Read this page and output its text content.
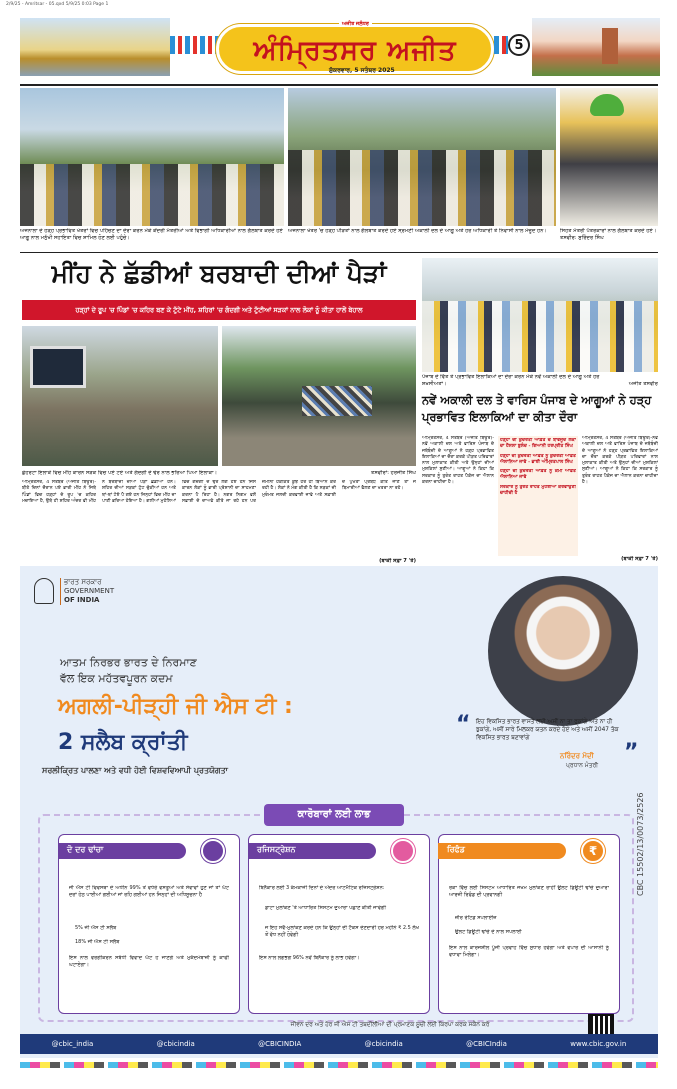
2/9/25 - Amritsar - 05.qxd 5/9/25 0:03 Page 1
ਅਜੀਤ ਜਲੰਧਰ
ਅੰਮ੍ਰਿਤਸਰ ਅਜੀਤ
ਸ਼ੁੱਕਰਵਾਰ, 5 ਸਤੰਬਰ 2025
5
ਅਜਨਾਲਾ ਦੇ ਹੜ੍ਹ ਪ੍ਰਭਾਵਿਤ ਖੇਤਰਾਂ ਵਿਚ ਪਹਿੰਚਣ ਦਾ ਦੌਰਾ ਕਰਨ ਮੌਕੇ ਕੇਂਦਰੀ ਮੰਤਰੀਆਂ ਅਤੇ ਵਿਭਾਗੀ ਅਧਿਕਾਰੀਆਂ ਨਾਲ ਗੱਲਬਾਤ ਕਰਦੇ ਹੋਏ ਆਗੂ ਨਾਲ ਮਨੁੱਖੀ ਸਹਾਇਤਾ ਵਿਚ ਸ਼ਾਮਿਲ ਹੋਣ ਲਈ ਪਹੁੰਚੇ।
ਅਜਨਾਲਾ ਖੇਤਰ 'ਚ ਹੜ੍ਹ ਪੀੜਤਾਂ ਨਾਲ ਗੱਲਬਾਤ ਕਰਦੇ ਹੋਏ ਸ੍ਰੋਮਣੀ ਅਕਾਲੀ ਦਲ ਦੇ ਆਗੂ ਅਤੇ ਹੋਰ ਅਧਿਕਾਰੀ ਤੇ ਨਿਵਾਸੀ ਨਾਲ ਮੌਜੂਦ ਹਨ।	ਸਿਹਤ ਮੰਤਰੀ ਪੱਤਰਕਾਰਾਂ ਨਾਲ ਗੱਲਬਾਤ ਕਰਦੇ ਹੋਏ। ਤਸਵੀਰ: ਸੁਰਿੰਦਰ ਸਿੰਘ
ਮੀਂਹ ਨੇ ਛੱਡੀਆਂ ਬਰਬਾਦੀ ਦੀਆਂ ਪੈੜਾਂ
ਹੜ੍ਹਾਂ ਦੇ ਰੂਪ 'ਚ ਪਿੰਡਾਂ 'ਚ ਕਹਿਰ ਬਣ ਕੇ ਟੁੱਟੇ ਮੀਂਹ, ਸ਼ਹਿਰਾਂ 'ਚ ਗੰਦਗੀ ਅਤੇ ਟੁੱਟੀਆਂ ਸੜਕਾਂ ਨਾਲ ਲੋਕਾਂ ਨੂੰ ਕੀਤਾ ਹਾਲੋਂ ਬੇਹਾਲ
ਛੇਹਰਟਾ ਇਲਾਕੇ ਵਿਚ ਮੀਂਹ ਕਾਰਨ ਸੜਕ ਵਿਚ ਪਏ ਟੋਏ ਅਤੇ ਗੰਦਗੀ ਦੇ ਢੇਰ ਨਾਲ ਭਰਿਆ ਪਿਆ ਇਲਾਕਾ।	ਤਸਵੀਰਾਂ: ਹਰਜੀਤ ਸਿੰਘ
ਅੰਮ੍ਰਿਤਸਰ, 4 ਸਤੰਬਰ (ਅਜੀਤ ਬਿਊਰੋ)-ਬੀਤੇ ਦਿਨਾਂ ਦੌਰਾਨ ਪਏ ਭਾਰੀ ਮੀਂਹ ਨੇ ਜਿਥੇ ਪਿੰਡਾਂ ਵਿਚ ਹੜ੍ਹਾਂ ਦੇ ਰੂਪ 'ਚ ਕਹਿਰ ਮਚਾਇਆ ਹੈ, ਉਥੇ ਹੀ ਸ਼ਹਿਰ ਅੰਦਰ ਵੀ ਮੀਂਹ ਨੇ ਬਰਬਾਦੀ ਦੀਆਂ ਪੈੜਾਂ ਛੱਡੀਆਂ ਹਨ। ਸ਼ਹਿਰ ਦੀਆਂ ਸੜਕਾਂ ਟੁੱਟ ਚੁੱਕੀਆਂ ਹਨ ਅਤੇ ਥਾਂ-ਥਾਂ ਟੋਏ ਪੈ ਗਏ ਹਨ ਜਿਨ੍ਹਾਂ ਵਿਚ ਮੀਂਹ ਦਾ ਪਾਣੀ ਭਰਿਆ ਹੋਇਆ ਹੈ। ਗਲੀਆਂ ਮੁਹੱਲਿਆਂ ਵਿਚ ਗੰਦਗੀ ਦੇ ਢੇਰ ਲੱਗੇ ਹੋਏ ਹਨ ਜਿਸ ਕਾਰਨ ਲੋਕਾਂ ਨੂੰ ਭਾਰੀ ਪ੍ਰੇਸ਼ਾਨੀ ਦਾ ਸਾਹਮਣਾ ਕਰਨਾ ਪੈ ਰਿਹਾ ਹੈ। ਨਗਰ ਨਿਗਮ ਵਲੋਂ ਸਫ਼ਾਈ ਦੇ ਦਾਅਵੇ ਕੀਤੇ ਜਾ ਰਹੇ ਹਨ ਪਰ ਜ਼ਮੀਨੀ ਹਕੀਕਤ ਕੁਝ ਹੋਰ ਹੀ ਬਿਆਨ ਕਰ ਰਹੀ ਹੈ। ਲੋਕਾਂ ਨੇ ਮੰਗ ਕੀਤੀ ਹੈ ਕਿ ਸੜਕਾਂ ਦੀ ਮੁਰੰਮਤ ਜਲਦੀ ਕਰਵਾਈ ਜਾਵੇ ਅਤੇ ਸਫ਼ਾਈ ਦੇ ਪੁਖਤਾ ਪ੍ਰਬੰਧ ਕੀਤੇ ਜਾਣ ਤਾਂ ਜੋ ਬਿਮਾਰੀਆਂ ਫੈਲਣ ਦਾ ਖਤਰਾ ਨਾ ਰਹੇ।
(ਬਾਕੀ ਸਫ਼ਾ 7 'ਤੇ)
ਪੰਜਾਬ ਦੇ ਵਿੱਤ ਤੇ ਪ੍ਰਭਾਵਿਤ ਇਲਾਕਿਆਂ ਦਾ ਦੌਰਾ ਕਰਨ ਮੌਕੇ ਨਵੇਂ ਅਕਾਲੀ ਦਲ ਦੇ ਆਗੂ ਅਤੇ ਹੋਰ ਸ਼ਖ਼ਸੀਅਤਾਂ।	ਅਜੀਤ ਤਸਵੀਰ
ਨਵੇਂ ਅਕਾਲੀ ਦਲ ਤੇ ਵਾਰਿਸ ਪੰਜਾਬ ਦੇ ਆਗੂਆਂ ਨੇ ਹੜ੍ਹ ਪ੍ਰਭਾਵਿਤ ਇਲਾਕਿਆਂ ਦਾ ਕੀਤਾ ਦੌਰਾ
ਅੰਮ੍ਰਿਤਸਰ, 4 ਸਤੰਬਰ (ਅਜੀਤ ਬਿਊਰੋ)-ਨਵੇਂ ਅਕਾਲੀ ਦਲ ਅਤੇ ਵਾਰਿਸ ਪੰਜਾਬ ਦੇ ਜਥੇਬੰਦੀ ਦੇ ਆਗੂਆਂ ਨੇ ਹੜ੍ਹ ਪ੍ਰਭਾਵਿਤ ਇਲਾਕਿਆਂ ਦਾ ਦੌਰਾ ਕਰਕੇ ਪੀੜਤ ਪਰਿਵਾਰਾਂ ਨਾਲ ਮੁਲਾਕਾਤ ਕੀਤੀ ਅਤੇ ਉਨ੍ਹਾਂ ਦੀਆਂ ਮੁਸ਼ਕਿਲਾਂ ਸੁਣੀਆਂ। ਆਗੂਆਂ ਨੇ ਕਿਹਾ ਕਿ ਸਰਕਾਰ ਨੂੰ ਤੁਰੰਤ ਰਾਹਤ ਪੈਕੇਜ ਦਾ ਐਲਾਨ ਕਰਨਾ ਚਾਹੀਦਾ ਹੈ।
ਹੜ੍ਹਾਂ ਦੀ ਕੁਦਰਤੀ ਆਫ਼ਤ ਦੇ ਬਾਵਜੂਦ ਲੋਕਾਂ ਦਾ ਹੌਸਲਾ ਬੁਲੰਦ - ਗਿਆਨੀ ਹਰਪ੍ਰੀਤ ਸਿੰਘ
ਹੜ੍ਹਾਂ ਦੀ ਕੁਦਰਤੀ ਆਫ਼ਤ ਨੂੰ ਕੁਦਰਤੀ ਆਫ਼ਤ ਐਲਾਨਿਆ ਜਾਵੇ - ਭਾਈ ਅੰਮ੍ਰਿਤਪਾਲ ਸਿੰਘ
ਹੜ੍ਹਾਂ ਦੀ ਕੁਦਰਤੀ ਆਫ਼ਤ ਨੂੰ ਕੌਮੀ ਆਫ਼ਤ ਐਲਾਨਿਆ ਜਾਵੇ
ਸਰਕਾਰ ਨੂੰ ਤੁਰੰਤ ਰਾਹਤ ਮੁਹੱਈਆ ਕਰਵਾਉਣੀ ਚਾਹੀਦੀ ਹੈ
ਅੰਮ੍ਰਿਤਸਰ, 4 ਸਤੰਬਰ (ਅਜੀਤ ਬਿਊਰੋ)-ਨਵੇਂ ਅਕਾਲੀ ਦਲ ਅਤੇ ਵਾਰਿਸ ਪੰਜਾਬ ਦੇ ਜਥੇਬੰਦੀ ਦੇ ਆਗੂਆਂ ਨੇ ਹੜ੍ਹ ਪ੍ਰਭਾਵਿਤ ਇਲਾਕਿਆਂ ਦਾ ਦੌਰਾ ਕਰਕੇ ਪੀੜਤ ਪਰਿਵਾਰਾਂ ਨਾਲ ਮੁਲਾਕਾਤ ਕੀਤੀ ਅਤੇ ਉਨ੍ਹਾਂ ਦੀਆਂ ਮੁਸ਼ਕਿਲਾਂ ਸੁਣੀਆਂ। ਆਗੂਆਂ ਨੇ ਕਿਹਾ ਕਿ ਸਰਕਾਰ ਨੂੰ ਤੁਰੰਤ ਰਾਹਤ ਪੈਕੇਜ ਦਾ ਐਲਾਨ ਕਰਨਾ ਚਾਹੀਦਾ ਹੈ।
(ਬਾਕੀ ਸਫ਼ਾ 7 'ਤੇ)
ਭਾਰਤ ਸਰਕਾਰ
GOVERNMENT
OF INDIA
ਆਤਮ ਨਿਰਭਰ ਭਾਰਤ ਦੇ ਨਿਰਮਾਣ
ਵੱਲ ਇਕ ਮਹੱਤਵਪੂਰਨ ਕਦਮ
ਅਗਲੀ-ਪੀੜ੍ਹੀ ਜੀ ਐਸ ਟੀ :
2 ਸਲੈਬ ਕ੍ਰਾਂਤੀ
ਸਰਲੀਕ੍ਰਿਤ ਪਾਲਣਾ ਅਤੇ ਵਧੀ ਹੋਈ ਵਿਸ਼ਵਵਿਆਪੀ ਪ੍ਰਤਯੋਗਤਾ
“ ਇਹ ਵਿਕਸਿਤ ਭਾਰਤ ਵਾਸਤੇ ਲਈ ਅਸੀਂ ਨਾ ਤਾ ਰੁਕਾਂਗੇ ਅਤੇ ਨਾ ਹੀ ਝੁਕਾਂਗੇ, ਅਸੀਂ ਸਾਰੇ ਮਿਲਕਰ ਯਤਨ ਕਰਦੇ ਹੋਏ ਅਤੇ ਅਸੀਂ 2047 ਤੱਕ ਵਿਕਸਿਤ ਭਾਰਤ ਬਣਾਵਾਂਗੇ
”
ਨਰਿੰਦਰ ਮੋਦੀ
ਪ੍ਰਧਾਨ ਮੰਤਰੀ
ਕਾਰੋਬਾਰਾਂ ਲਈ ਲਾਭ
ਦੋ ਦਰ ਢਾਂਚਾ
ਜੀ ਐਸ ਟੀ ਵਿਵਸਥਾ ਦੇ ਅਧੀਨ 99% ਤੋਂ ਵਧੇਰੇ ਵਸਤੂਆਂ ਅਤੇ ਸੇਵਾਵਾਂ ਹੁਣ ਜਾਂ ਤਾਂ ਘੱਟ ਦਰਾਂ ਹੇਠ ਪਾਈਆਂ ਗਈਆਂ ਜਾਂ ਰਹਿ ਗਈਆਂ ਹਨ ਜਿਨ੍ਹਾਂ ਦੀ ਅਧਿਸੂਚਨਾ ਹੈ
5% ਜੀ ਐਸ ਟੀ ਸਲੈਬ
18% ਜੀ ਐਸ ਟੀ ਸਲੈਬ
ਇਸ ਨਾਲ ਵਰਗੀਕਰਨ ਸਬੰਧੀ ਵਿਵਾਦ ਘੱਟ ਹੋ ਜਾਣਗੇ ਅਤੇ ਮੁਕੱਦਮੇਬਾਜ਼ੀ ਨੂੰ ਕਾਫੀ ਘਟਾਏਗਾ।
ਰਜਿਸਟ੍ਰੇਸ਼ਨ
ਬਿਨੈਕਾਰ ਲਈ 3 ਕੰਮਕਾਜੀ ਦਿਨਾਂ ਦੇ ਅੰਦਰ ਆਟੋਮੈਟਿਕ ਰਜਿਸਟ੍ਰੇਸ਼ਨ:
ਡਾਟਾ ਮੁਲਾਂਕਣ 'ਤੇ ਆਧਾਰਿਤ ਸਿਸਟਮ ਦੁਆਰਾ ਪਛਾਣ ਕੀਤੀ ਜਾਵੇਗੀ
ਜੋ ਇਹ ਸਵੈ-ਮੁਲਾਂਕਣ ਕਰਦੇ ਹਨ ਕਿ ਉਨ੍ਹਾਂ ਦੀ ਟੈਕਸ ਦੇਣਦਾਰੀ ਹਰ ਮਹੀਨੇ ₹ 2.5 ਲੱਖ ਤੋਂ ਵੱਧ ਨਹੀਂ ਹੋਵੇਗੀ
ਇਸ ਨਾਲ ਲਗਭਗ 96% ਨਵੇਂ ਬਿਨੈਕਾਰ ਨੂੰ ਲਾਭ ਹੋਵੇਗਾ।
ਰਿਫੰਡ	₹
ਰੋਕਾ ਵਿੱਚ ਲਈ ਸਿਸਟਮ ਆਧਾਰਿਤ ਜੋਖਮ ਮੁਲਾਂਕਣ ਰਾਹੀਂ ਉਲਟ ਡਿਊਟੀ ਢਾਂਚੇ ਦੁਆਰਾ ਆਰਜ਼ੀ ਰਿਫੰਡ ਦੀ ਪ੍ਰਵਾਨਗੀ
ਜ਼ੀਰੋ ਰੇਟਿਡ ਸਪਲਾਈਜ਼
ਉਲਟ ਡਿਊਟੀ ਢਾਂਚੇ ਦੇ ਨਾਲ ਸਪਲਾਈ
ਇਸ ਨਾਲ ਕਾਰਜਸ਼ੀਲ ਪੂੰਜੀ ਪ੍ਰਵਾਹ ਵਿੱਚ ਸੁਧਾਰ ਹੋਵੇਗਾ ਅਤੇ ਵਪਾਰ ਦੀ ਆਸਾਨੀ ਨੂੰ ਵਧਾਵਾ ਮਿਲੇਗਾ।
CBC 15502/13/0073/2526
ਜੀਵਨ ਦਰ ਅਤੇ ਹੋਰ ਜੀ ਐਸ ਟੀ ਤਬਦੀਲੀਆਂ ਦੀ ਪ੍ਰਮਾਣਕ ਸੂਚੀ ਲਈ ਕਿਰਪਾ ਕਰਕੇ ਸਕੈਨ ਕਰੋ
@cbic_india	@cbicindia	@CBICINDIA	@cbicindia	@CBICIndia	www.cbic.gov.in
